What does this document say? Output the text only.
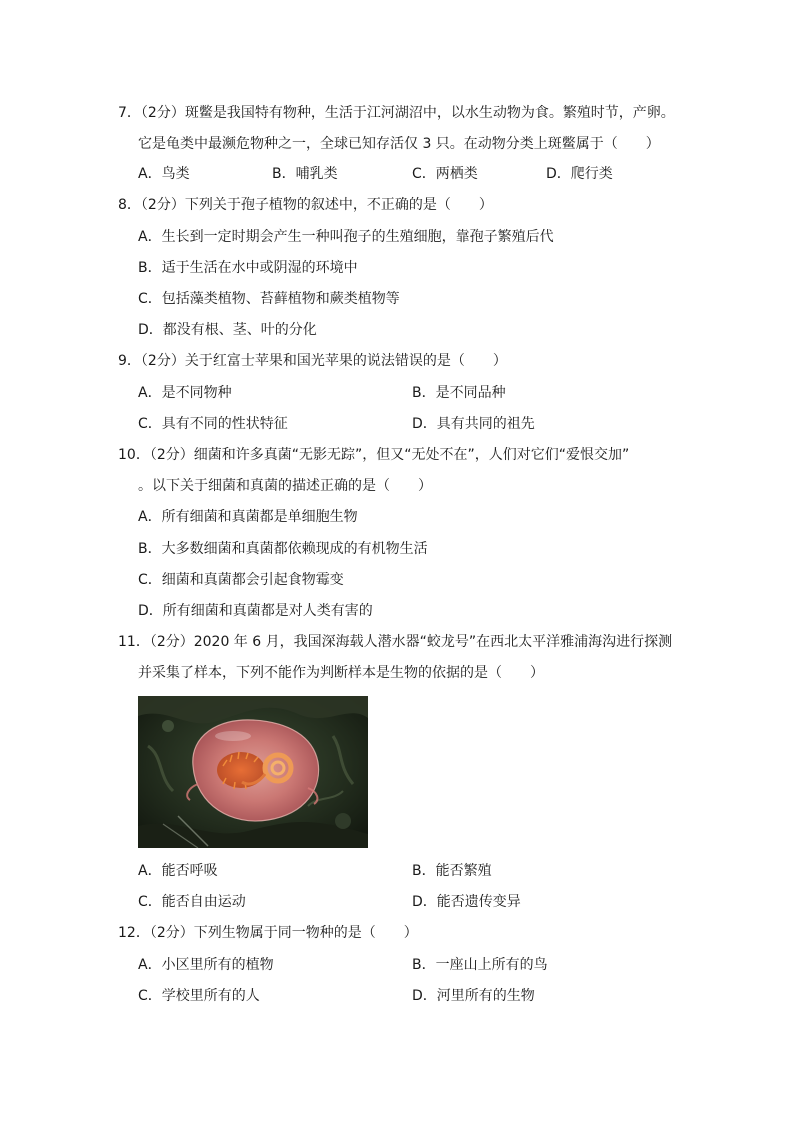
7．（2分）斑鳖是我国特有物种，生活于江河湖沼中，以水生动物为食。繁殖时节，产卵。
它是龟类中最濒危物种之一，全球已知存活仅 3 只。在动物分类上斑鳖属于（　　）
A．鸟类	B．哺乳类	C．两栖类	D．爬行类
8．（2分）下列关于孢子植物的叙述中，不正确的是（　　）
A．生长到一定时期会产生一种叫孢子的生殖细胞，靠孢子繁殖后代
B．适于生活在水中或阴湿的环境中
C．包括藻类植物、苔藓植物和蕨类植物等
D．都没有根、茎、叶的分化
9．（2分）关于红富士苹果和国光苹果的说法错误的是（　　）
A．是不同物种	B．是不同品种
C．具有不同的性状特征	D．具有共同的祖先
10．（2分）细菌和许多真菌“无影无踪”，但又“无处不在”，人们对它们“爱恨交加”
。以下关于细菌和真菌的描述正确的是（　　）
A．所有细菌和真菌都是单细胞生物
B．大多数细菌和真菌都依赖现成的有机物生活
C．细菌和真菌都会引起食物霉变
D．所有细菌和真菌都是对人类有害的
11．（2分）2020 年 6 月，我国深海载人潜水器“蛟龙号”在西北太平洋雅浦海沟进行探测
并采集了样本，下列不能作为判断样本是生物的依据的是（　　）
A．能否呼吸	B．能否繁殖
C．能否自由运动	D．能否遗传变异
12．（2分）下列生物属于同一物种的是（　　）
A．小区里所有的植物	B．一座山上所有的鸟
C．学校里所有的人	D．河里所有的生物
